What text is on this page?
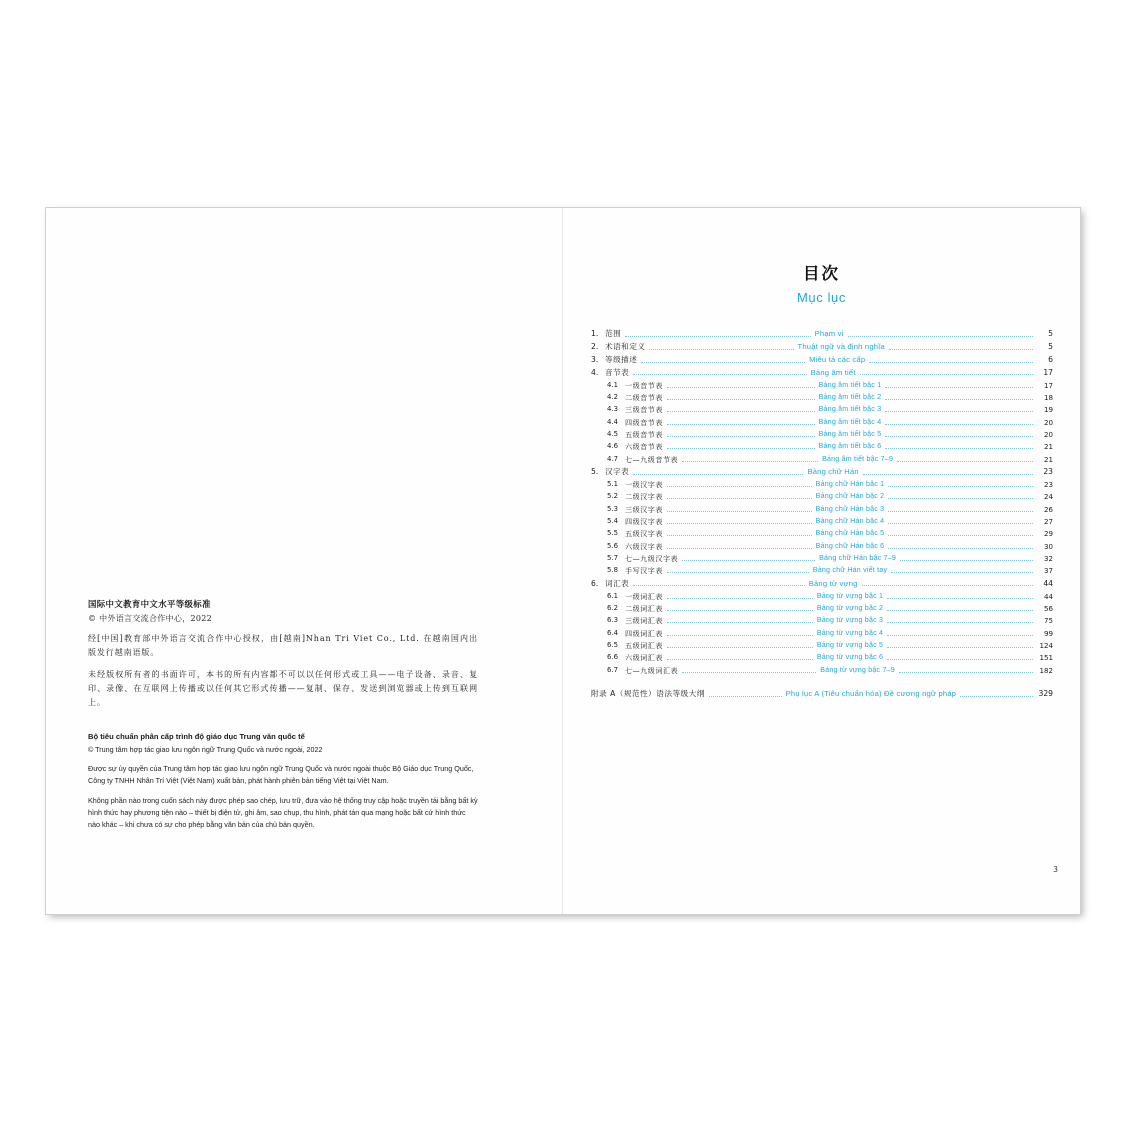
国际中文教育中文水平等级标准

© 中外语言交流合作中心，2022

经[中国]教育部中外语言交流合作中心授权，由[越南]Nhan Tri Viet Co., Ltd. 在越南国内出版发行越南语版。

未经版权所有者的书面许可，本书的所有内容都不可以以任何形式或工具——电子设备、录音、复印、录像、在互联网上传播或以任何其它形式传播——复制、保存、发送到浏览器或上传到互联网上。

Bộ tiêu chuẩn phân cấp trình độ giáo dục Trung văn quốc tế

© Trung tâm hợp tác giao lưu ngôn ngữ Trung Quốc và nước ngoài, 2022

Được sự ủy quyền của Trung tâm hợp tác giao lưu ngôn ngữ Trung Quốc và nước ngoài thuộc Bộ Giáo dục Trung Quốc, Công ty TNHH Nhân Trí Việt (Việt Nam) xuất bản, phát hành phiên bản tiếng Việt tại Việt Nam.

Không phần nào trong cuốn sách này được phép sao chép, lưu trữ, đưa vào hệ thống truy cập hoặc truyền tải bằng bất kỳ hình thức hay phương tiện nào – thiết bị điện tử, ghi âm, sao chụp, thu hình, phát tán qua mạng hoặc bất cứ hình thức nào khác – khi chưa có sự cho phép bằng văn bản của chủ bản quyền.

目次
Mục lục
1. 范围	Phạm vi	5
2. 术语和定义	Thuật ngữ và định nghĩa	5
3. 等级描述	Miêu tả các cấp	6
4. 音节表	Bảng âm tiết	17
4.1 一级音节表	Bảng âm tiết bậc 1	17
4.2 二级音节表	Bảng âm tiết bậc 2	18
4.3 三级音节表	Bảng âm tiết bậc 3	19
4.4 四级音节表	Bảng âm tiết bậc 4	20
4.5 五级音节表	Bảng âm tiết bậc 5	20
4.6 六级音节表	Bảng âm tiết bậc 6	21
4.7 七—九级音节表	Bảng âm tiết bậc 7–9	21
5. 汉字表	Bảng chữ Hán	23
5.1 一级汉字表	Bảng chữ Hán bậc 1	23
5.2 二级汉字表	Bảng chữ Hán bậc 2	24
5.3 三级汉字表	Bảng chữ Hán bậc 3	26
5.4 四级汉字表	Bảng chữ Hán bậc 4	27
5.5 五级汉字表	Bảng chữ Hán bậc 5	29
5.6 六级汉字表	Bảng chữ Hán bậc 6	30
5.7 七—九级汉字表	Bảng chữ Hán bậc 7–9	32
5.8 手写汉字表	Bảng chữ Hán viết tay	37
6. 词汇表	Bảng từ vựng	44
6.1 一级词汇表	Bảng từ vựng bậc 1	44
6.2 二级词汇表	Bảng từ vựng bậc 2	56
6.3 三级词汇表	Bảng từ vựng bậc 3	75
6.4 四级词汇表	Bảng từ vựng bậc 4	99
6.5 五级词汇表	Bảng từ vựng bậc 5	124
6.6 六级词汇表	Bảng từ vựng bậc 6	151
6.7 七—九级词汇表	Bảng từ vựng bậc 7–9	182
附录 A（规范性）语法等级大纲	Phụ lục A (Tiêu chuẩn hóa) Đề cương ngữ pháp	329
3
